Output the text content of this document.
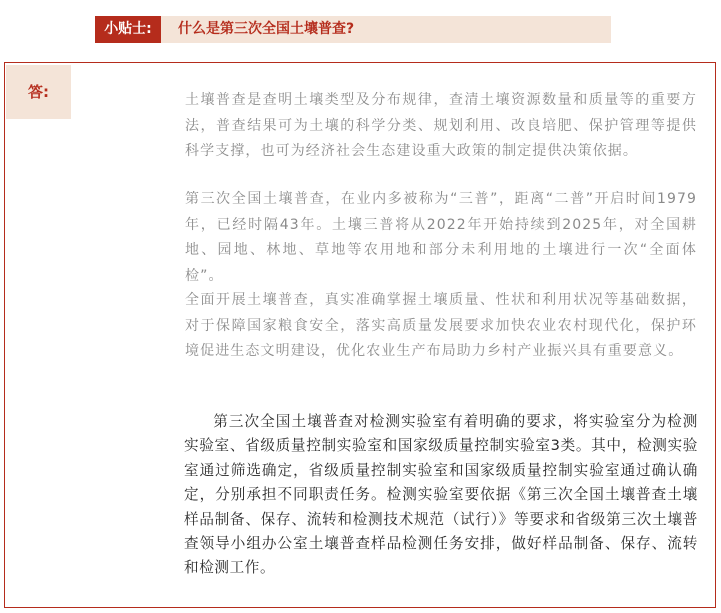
小贴士:	什么是第三次全国土壤普查?
答:	土壤普查是查明土壤类型及分布规律，查清土壤资源数量和质量等的重要方法，普查结果可为土壤的科学分类、规划利用、改良培肥、保护管理等提供科学支撑，也可为经济社会生态建设重大政策的制定提供决策依据。

第三次全国土壤普查，在业内多被称为“三普”，距离“二普”开启时间1979年，已经时隔43年。土壤三普将从2022年开始持续到2025年，对全国耕地、园地、林地、草地等农用地和部分未利用地的土壤进行一次“全面体检”。

全面开展土壤普查，真实准确掌握土壤质量、性状和利用状况等基础数据，对于保障国家粮食安全，落实高质量发展要求加快农业农村现代化，保护环境促进生态文明建设，优化农业生产布局助力乡村产业振兴具有重要意义。

第三次全国土壤普查对检测实验室有着明确的要求，将实验室分为检测实验室、省级质量控制实验室和国家级质量控制实验室3类。其中，检测实验室通过筛选确定，省级质量控制实验室和国家级质量控制实验室通过确认确定，分别承担不同职责任务。检测实验室要依据《第三次全国土壤普查土壤样品制备、保存、流转和检测技术规范（试行）》等要求和省级第三次土壤普查领导小组办公室土壤普查样品检测任务安排，做好样品制备、保存、流转和检测工作。
